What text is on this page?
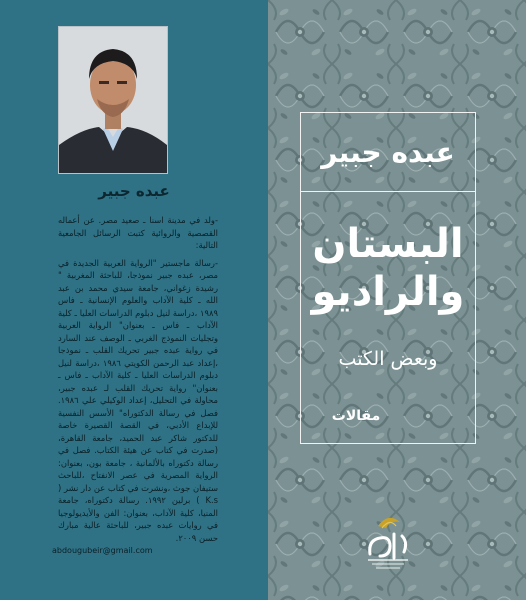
عبده جبير

-ولد في مدينة اسنا ـ صعيد مصر. عن أعماله القصصية والروائية كتبت الرسائل الجامعية التالية:

-رسالة ماجستير "الرواية العربية الجديدة في مصر، عبده جبير نموذجا، للباحثة المغربية " رشيدة زغواني، جامعة سيدي محمد بن عبد الله ـ كلية الآداب والعلوم الإنسانية ـ فاس ١٩٨٩ ،دراسة لنيل دبلوم الدراسات العليا ـ كلية الآداب ـ فاس ـ بعنوان" الرواية العربية وتجليات النموذج الغربي ـ الوصف عند السارد في رواية عبده جبير تحريك القلب ـ نموذجا ،إعداد عبد الرحمن الكويتي ١٩٨٦ ،دراسة لنيل دبلوم الدراسات العليا ـ كلية الآداب ـ فاس ـ بعنوان" رواية تحريك القلب لـ عبده جبير، محاولة في التحليل، إعداد الوكيلي علي ١٩٨٦. فصل في رسالة الدكتوراه" الأسس النفسية للإبداع الأدبي، في القصة القصيرة خاصة للدكتور شاكر عبد الحميد، جامعة القاهرة، (صدرت في كتاب عن هيئة الكتاب. فصل في رسالة دكتوراه بالألمانية ، جامعة بون، بعنوان: الرواية المصرية في عصر الانفتاح ،للباحث ستيفان جوث ،ونشرت في كتاب عن دار نشر ( K.s ) برلين ١٩٩٢. رسالة دكتوراه، جامعة المنيا، كلية الآداب، بعنوان: الفن والأيديولوجيا في روايات عبده جبير، للباحثة عالية مبارك حسن ٢٠٠٩.

abdougubeir@gmail.com
عبده جبير
البستان
والراديو
وبعض الكتب
مقالات
